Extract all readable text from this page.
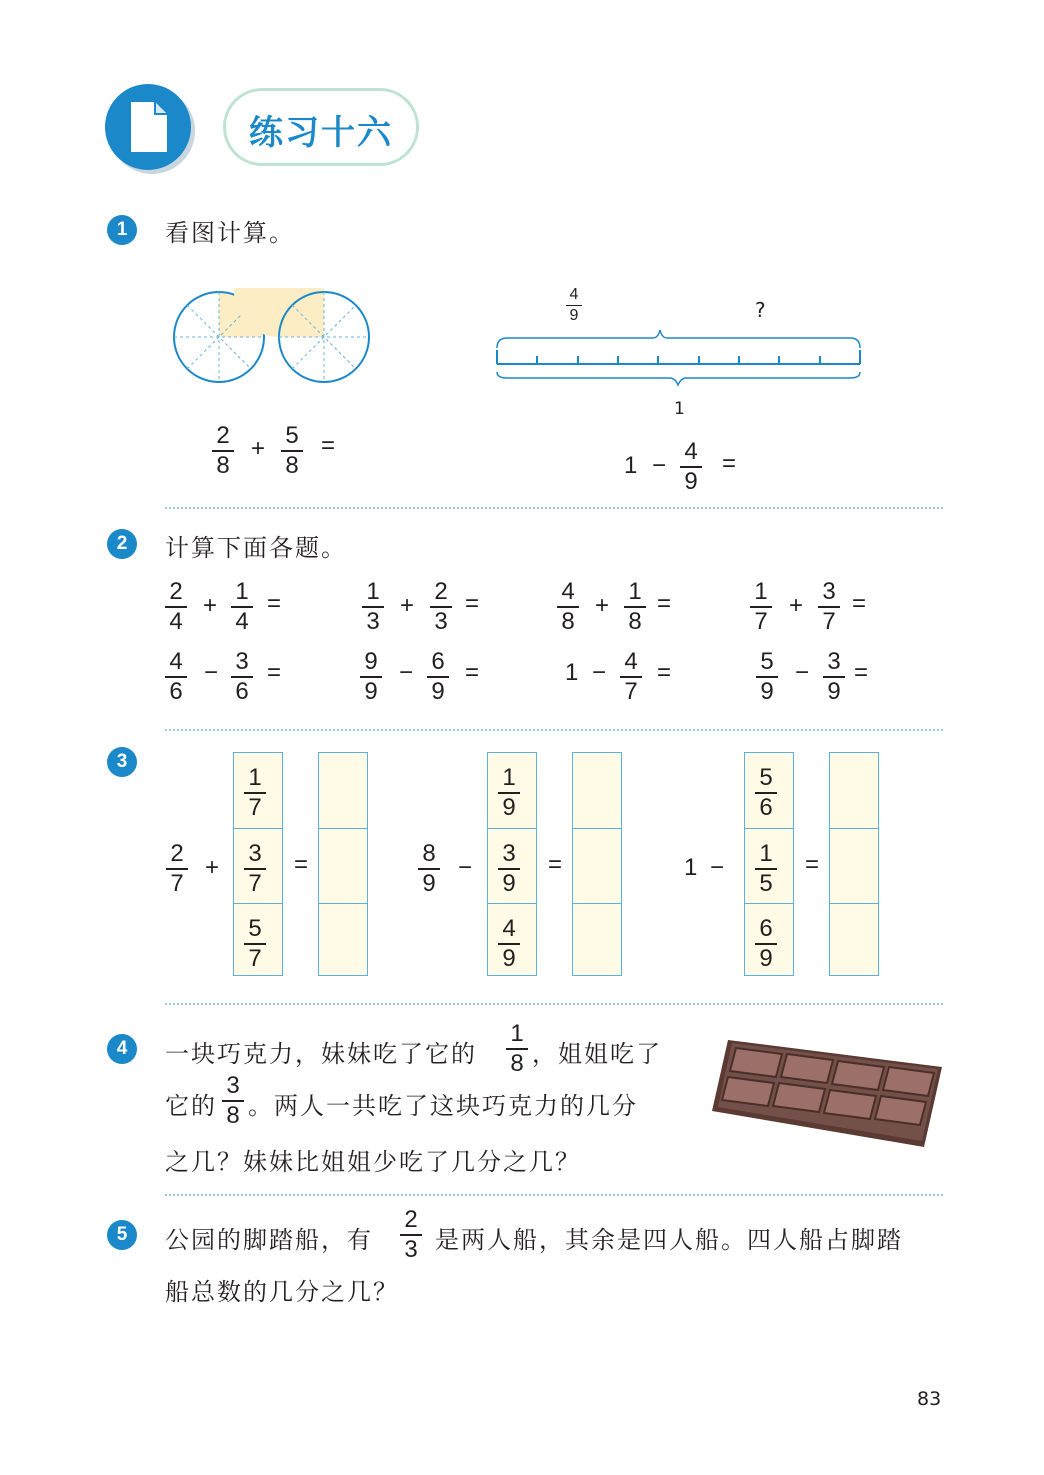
练习十六
1	看图计算。
$\frac{2}{8} + \frac{5}{8}$ =
$\frac{4}{9}$	?
1
$1 - \frac{4}{9}$ =
2	计算下面各题。
$\frac{2}{4} + \frac{1}{4}$ =	$\frac{1}{3} + \frac{2}{3}$ =	$\frac{4}{8} + \frac{1}{8}$ =	$\frac{1}{7} + \frac{3}{7}$ =
$\frac{4}{6} - \frac{3}{6}$ =	$\frac{9}{9} - \frac{6}{9}$ =	$1 - \frac{4}{7}$ =	$\frac{5}{9} - \frac{3}{9}$ =
3
$\frac{2}{7}$ +
$\frac{1}{7}$
$\frac{3}{7}$
$\frac{5}{7}$
=	$\frac{8}{9}$ −
$\frac{1}{9}$
$\frac{3}{9}$
$\frac{4}{9}$
=	1 −
$\frac{5}{6}$
$\frac{1}{5}$
$\frac{6}{9}$
=
4	一块巧克力，妹妹吃了它的 $\frac{1}{8}$ ，姐姐吃了
它的 $\frac{3}{8}$ 。两人一共吃了这块巧克力的几分
之几？妹妹比姐姐少吃了几分之几？
5	公园的脚踏船，有 $\frac{2}{3}$ 是两人船，其余是四人船。四人船占脚踏
船总数的几分之几？
83
